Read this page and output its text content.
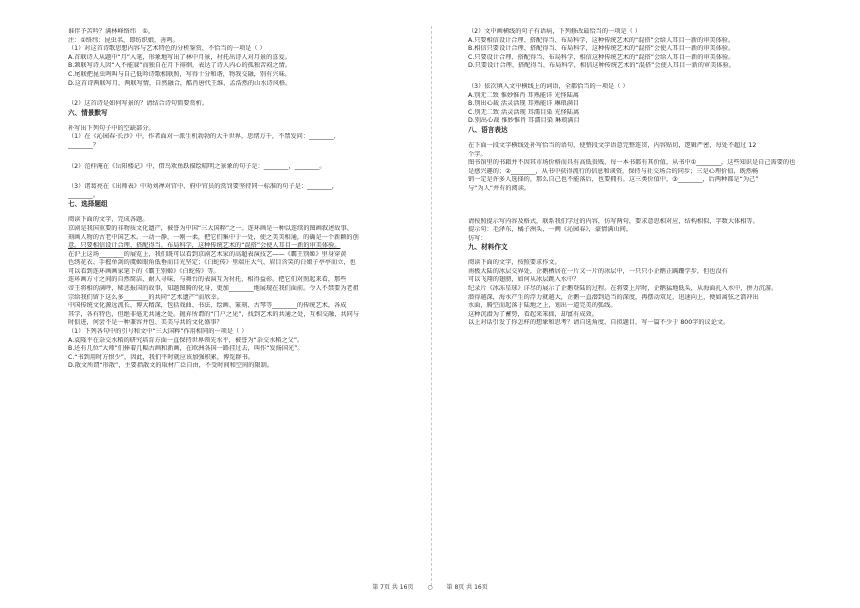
谁伴予苦吟？满林峰络纬　①。
注：①络纬：昆虫名，即纺织娘，善鸣。
（1）对这首诗歌思想内容与艺术特色的分析鉴赏，不恰当的一项是（ ）
A.首联诗人从题中“月”入笔，形象地写出了林中月景，衬托出诗人对月景的喜爱。
B.颔联写诗人因“入不能寐”而独自在月下徘徊，表达了诗人内心的孤独苦闷之情。
C.尾联把昆虫鸣叫与自己低吟诗歌相联照，写得十分和谐，物我交融，别有兴味。
D.这首诗两联写月，两联写情，自然融合，酷肖唐代王维、孟浩然的山水诗风格。
（2）这首诗是如何写景的？请结合诗句简要赏析。
六、情景默写
补写出下列句子中的空缺部分。
（1）在《沁园春·长沙》中，作者面对一派生机勃勃的大千世界，思绪万千，不禁发问：________，
________？
（2）范仲淹在《岳阳楼记》中，借鸟欢鱼跃描绘晴明之景象的句子是：________，________。
（3）诸葛亮在《出师表》中劝刘禅对宫中、府中官员的赏罚要坚持同一标准的句子是：________，
________。
七、选择题组
阅读下面的文字，完成各题。
京剧是我国重要的非物质文化遗产，被誉为中国“三大国粹”之一。连环画是一种以连续的图画叙述故事、
刻画人物的古老中国艺术。一动一静，一刚一柔，把它们集中于一处，使之美美相通，的确是一个新颖的创
意。只要相信设计合理、搭配得当、布局科学，这种传统艺术的“混搭”会使人耳目一新的审美体验。
在沪上这场________的展览上，我们既可以看到京剧艺术家的高超表演技艺——《霸王别姬》里身穿黄
色绣花衣、手握单剑的虞姬眼角低垂而目光坚定；《白蛇传》里端庄大气、眉目含笑的白娘子亭亭而立，也
可以看到连环画画家笔下的《霸王别姬》《白蛇传》等。
连环画方寸之间的自然简洁、耐人寻味，与舞台的表演互为衬托、相得益彰。把它们对照起来看，那些
帝王将相的满呼，稀悲报国的故事，知题图腾的化身，更加________地展现在我们面前。令人不禁要为老祖
宗给我们留下这么多________的共同“艺术遗产”而欣幸。
中国传统文化源远流长、博大精深，包括戏曲、书法、绘画、篆刻、古琴等________的传统艺术，各成
其学，各有特色，但绝非毫无共通之处。抛弃所谓的“门户之见”，找到艺术的共通之处，互相交融，共同与
时俱进，何尝不是一种兼容并包、美美与共的文化盛事？
（1）下列各句中的引号和文中“三大国粹”作用相同的一项是（ ）
A.袁隆平在杂交水稻的研究培育方面一直保持世界领先水平，被誉为“杂交水稻之父”。
B.还有几位“大师”们捧着几幅古画和新画，在欧洲各国一路挂过去，叫作“发扬国光”。
C.“书到用时方恨少”，因此，我们平时就应该加强积累，博览群书。
D.散文所谓“形散”，主要指散文的取材广泛自由，不受时间和空间的限制。
（2）文中画横线的句子有语病，下列修改最恰当的一项是（ ）
A.只要相信设计合理、搭配得当、布局科学，这种传统艺术的“混搭”会给人耳目一新的审美体验。
B.相信只要设计合理、搭配得当、布局科学，这种传统艺术的“混搭”会使人耳目一新的审美体验。
C.只要设计合理、搭配得当、布局科学，相信这种传统艺术的“混搭”会给人耳目一新的审美体验。
D.只要设计合理、搭配得当、布局科学，相信这种传统艺术的“混搭”会使人耳目一新的审美体验。
（3）依次填入文中横线上的词语，全都恰当的一项是（ ）
A.别无二致 惟妙惟肖 耳熟能详 光怪陆离
B.别出心裁 活灵活现 耳熟能详 琳琅满目
C.别无二致 活灵活现 耳濡目染 光怪陆离
D.别出心裁 惟妙惟肖 耳濡目染 琳琅满目
八、语言表达
在下面一段文字横线处补写恰当的语句，使整段文字语意完整连贯，内容贴切，逻辑严密，每处不超过 12
个字。
图书馆里的书籍并不因其市场价格而具有高低贵贱，每一本书都有其价值，从书中①________，这些知识是自己需要的也
是感兴趣的；②________，从书中获得流行的信息和谈资，保持与社交场合的同步；三是心理价值，既然畅
销一定是许多人选择的，那么自己也不能落后，也要拥有。这三类价值中，③________，后两种都是“为己”
与“为人”并有的阅读。
请按照提示写内容及格式，联系我们学过的内容，仿写两句，要求意思相对应，结构相似，字数大体相等。
提示句：毛泽东，橘子洲头，一阙《沁园春》，豪情满山间。
仿写：
九、材料作文
阅读下面的文字，按照要求作文。
南极大陆的冰层交界处，企鹅栖居在一片又一片的冰层中，一只只小企鹅正蹒跚学步，但也没有
可以飞翔的翅膀，如何从冰层跳入水中？
纪录片《冰冻星球》详尽的展示了企鹅登陆的过程。在将要上岸时，企鹅猛地低头，从海面扎入水中，拼力沉游。
潜得越深，海水产生的浮力就越大，企鹅一直潜到适当的深度，再摆动双足，迅速向上，便如离弦之箭冲出
水面，腾空而起落于陆地之上，划出一道完美的弧线。
这种沉潜为了蓄势，看起来笨拙，却富有成效。
以上对话引发了你怎样的想象和思考？请自选角度，自拟题目，写一篇不少于 800字的议论文。
第 7页 共 16页 ○ 第 8页 共 16页
